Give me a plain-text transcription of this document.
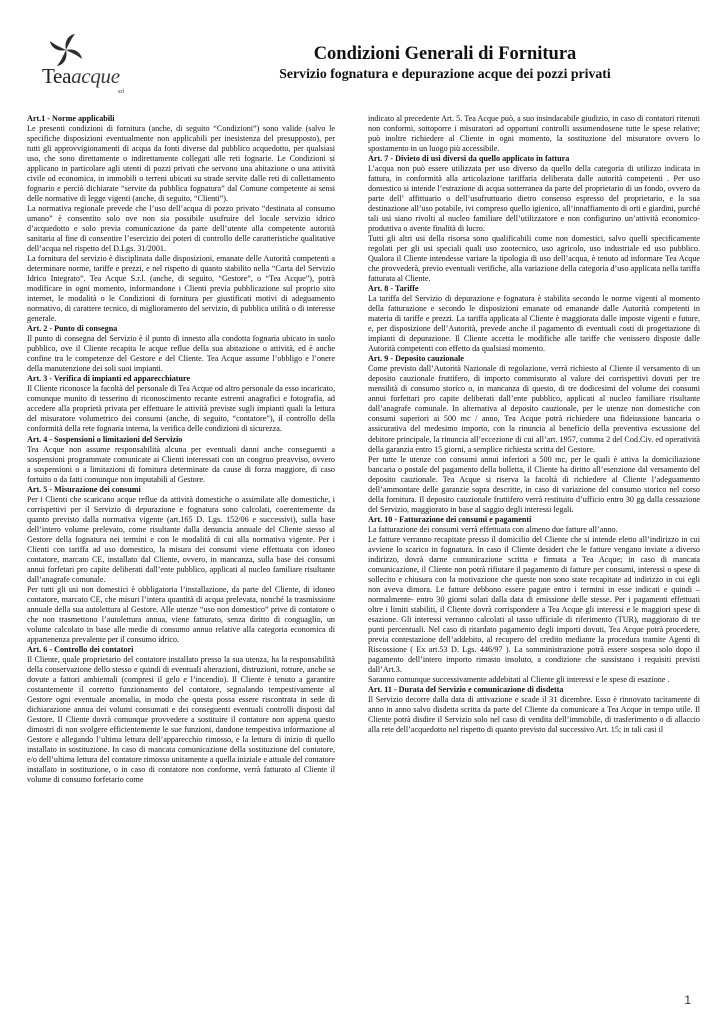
Teaacque
srl
Condizioni Generali di Fornitura
Servizio fognatura e depurazione acque dei pozzi privati

Art.1 - Norme applicabili

Le presenti condizioni di fornitura (anche, di seguito “Condizioni”) sono valide (salvo le specifiche disposizioni eventualmente non applicabili per inesistenza del presupposto), per tutti gli approvvigionamenti di acqua da fonti diverse dal pubblico acquedotto, per qualsiasi uso, che sono direttamente o indirettamente collegati alle reti fognarie. Le Condizioni si applicano in particolare agli utenti di pozzi privati che servono una abitazione o una attività civile od economica, in immobili o terreni ubicati su strade servite dalle reti di collettamento fognario e perciò dichiarate “servite da pubblica fognatura” dal Comune competente ai sensi delle normative di legge vigenti (anche, di seguito, “Clienti”).

La normativa regionale prevede che l’uso dell’acqua di pozzo privato “destinata al consumo umano” è consentito solo ove non sia possibile usufruire del locale servizio idrico d’acquedotto e solo previa comunicazione da parte dell’utente alla competente autorità sanitaria al fine di consentire l’esercizio dei poteri di controllo delle caratteristiche qualitative dell’acqua nel rispetto del D.Lgs. 31/2001.

La fornitura del servizio è disciplinata dalle disposizioni, emanate delle Autorità competenti a determinare norme, tariffe e prezzi, e nel rispetto di quanto stabilito nella “Carta del Servizio Idrico Integrato”. Tea Acque S.r.l. (anche, di seguito, “Gestore”, o “Tea Acque”), potrà modificare in ogni momento, informandone i Clienti previa pubblicazione sul proprio sito internet, le modalità o le Condizioni di fornitura per giustificati motivi di adeguamento normativo, di carattere tecnico, di miglioramento del servizio, di pubblica utilità o di interesse generale.

Art. 2 - Punto di consegna

Il punto di consegna del Servizio è il punto di innesto alla condotta fognaria ubicato in suolo pubblico, ove il Cliente recapita le acque reflue della sua abitazione o attività, ed è anche confine tra le competenze del Gestore e del Cliente. Tea Acque assume l’obbligo e l’onere della manutenzione dei soli suoi impianti.

Art. 3 - Verifica di impianti ed apparecchiature

Il Cliente riconosce la facoltà del personale di Tea Acque od altro personale da esso incaricato, comunque munito di tesserino di riconoscimento recante estremi anagrafici e fotografia, ad accedere alla proprietà privata per effettuare le attività previste sugli impianti quali la lettura del misuratore volumetrico dei consumi (anche, di seguito, “contatore”), il controllo della conformità della rete fognaria interna, la verifica delle condizioni di sicurezza.

Art. 4 - Sospensioni o limitazioni del Servizio

Tea Acque non assume responsabilità alcuna per eventuali danni anche conseguenti a sospensioni programmate comunicate ai Clienti interessati con un congruo preavviso, ovvero a sospensioni o a limitazioni di fornitura determinate da cause di forza maggiore, di caso fortuito o da fatti comunque non imputabili al Gestore.

Art. 5 - Misurazione dei consumi

Per i Clienti che scaricano acque reflue da attività domestiche o assimilate alle domestiche, i corrispettivi per il Servizio di depurazione e fognatura sono calcolati, coerentemente da quanto previsto dalla normativa vigente (art.165 D. Lgs. 152/06 e successivi), sulla base dell’intero volume prelevato, come risultante dalla denuncia annuale del Cliente stesso al Gestore della fognatura nei termini e con le modalità di cui alla normativa vigente. Per i Clienti con tariffa ad uso domestico, la misura dei consumi viene effettuata con idoneo contatore, marcato CE, installato dal Cliente, ovvero, in mancanza, sulla base dei consumi annui forfetari pro capite deliberati dall’ente pubblico, applicati al nucleo familiare risultante dall’anagrafe comunale.

Per tutti gli usi non domestici è obbligatoria l’installazione, da parte del Cliente, di idoneo contatore, marcato CE, che misuri l’intera quantità di acqua prelevata, nonché la trasmissione annuale della sua autolettura al Gestore. Alle utenze “uso non domestico” prive di contatore o che non trasmettono l’autolettura annua, viene fatturato, senza diritto di conguaglio, un volume calcolato in base alle medie di consumo annuo relative alla categoria economica di appartenenza prevalente per il consumo idrico.

Art. 6 - Controllo dei contatori

Il Cliente, quale proprietario del contatore installato presso la sua utenza, ha la responsabilità della conservazione dello stesso e quindi di eventuali alterazioni, distruzioni, rotture, anche se dovute a fattori ambientali (compresi il gelo e l’incendio). Il Cliente è tenuto a garantire costantemente il corretto funzionamento del contatore, segnalando tempestivamente al Gestore ogni eventuale anomalia, in modo che questa possa essere riscontrata in sede di dichiarazione annua dei volumi consumati e dei conseguenti eventuali controlli disposti dal Gestore. Il Cliente dovrà comunque provvedere a sostituire il contatore non appena questo dimostri di non svolgere efficientemente le sue funzioni, dandone tempestiva informazione al Gestore e allegando l’ultima lettura dell’apparecchio rimosso, e la lettura di inizio di quello installato in sostituzione. In caso di mancata comunicazione della sostituzione del contatore, e/o dell’ultima lettura del contatore rimosso unitamente a quella iniziale e attuale del contatore installato in sostituzione, o in caso di contatore non conforme, verrà fatturato al Cliente il volume di consumo forfetario come

indicato al precedente Art. 5. Tea Acque può, a suo insindacabile giudizio, in caso di contatori ritenuti non conformi, sottoporre i misuratori ad opportuni controlli assumendosene tutte le spese relative; può inoltre richiedere al Cliente in ogni momento, la sostituzione del misuratore ovvero lo spostamento in un luogo più accessibile.

Art. 7 - Divieto di usi diversi da quello applicato in fattura

L’acqua non può essere utilizzata per uso diverso da quello della categoria di utilizzo indicata in fattura, in conformità alla articolazione tariffaria deliberata dalle autorità competenti . Per uso domestico si intende l’estrazione di acqua sotterranea da parte del proprietario di un fondo, ovvero da parte dell’ affittuario o dell’usufruttuario dietro consenso espresso del proprietario, e la sua destinazione all’uso potabile, ivi compreso quello igienico, all’innaffiamento di orti e giardini, purché tali usi siano rivolti al nucleo familiare dell’utilizzatore e non configurino un’attività economico-produttiva o avente finalità di lucro.

Tutti gli altri usi della risorsa sono qualificabili come non domestici, salvo quelli specificamente regolati per gli usi speciali quali uso zootecnico, uso agricolo, uso industriale ed uso pubblico. Qualora il Cliente intendesse variare la tipologia di uso dell’acqua, è tenuto ad informare Tea Acque che provvederà, previo eventuali verifiche, alla variazione della categoria d’uso applicata nella tariffa fatturata al Cliente.

Art. 8 - Tariffe

La tariffa del Servizio di depurazione e fognatura è stabilita secondo le norme vigenti al momento della fatturazione e secondo le disposizioni emanate od emanande dalle Autorità competenti in materia di tariffe e prezzi. La tariffa applicata al Cliente è maggiorata dalle imposte vigenti e future, e, per disposizione dell’Autorità, prevede anche il pagamento di eventuali costi di progettazione di impianti di depurazione. Il Cliente accetta le modifiche alle tariffe che venissero disposte dalle Autorità competenti con effetto da qualsiasi momento.

Art. 9 - Deposito cauzionale

Come previsto dall’Autorità Nazionale di regolazione, verrà richiesto al Cliente il versamento di un deposito cauzionale fruttifero, di importo commisurato al valore dei corrispettivi dovuti per tre mensilità di consumo storico o, in mancanza di questo, di tre dodicesimi del volume dei consumi annui forfettari pro capite deliberati dall’ente pubblico, applicati al nucleo familiare risultante dall’anagrafe comunale. In alternativa al deposito cauzionale, per le utenze non domestiche con consumi superiori ai 500 mc / anno, Tea Acque potrà richiedere una fideiussione bancaria o assicurativa del medesimo importo, con la rinuncia al beneficio della preventiva escussione del debitore principale, la rinuncia all’eccezione di cui all’art. 1957, comma 2 del Cod.Civ. ed operatività della garanzia entro 15 giorni, a semplice richiesta scritta del Gestore.

Per tutte le utenze con consumi annui inferiori a 500 mc, per le quali è attiva la domiciliazione bancaria o postale del pagamento della bolletta, il Cliente ha diritto all’esenzione dal versamento del deposito cauzionale. Tea Acque si riserva la facoltà di richiedere al Cliente l’adeguamento dell’ammontare delle garanzie sopra descritte, in caso di variazione del consumo storico nel corso della fornitura. Il deposito cauzionale fruttifero verrà restituito d’ufficio entro 30 gg dalla cessazione del Servizio, maggiorato in base al saggio degli interessi legali.

Art. 10 - Fatturazione dei consumi e pagamenti

La fatturazione dei consumi verrà effettuata con almeno due fatture all’anno.

Le fatture verranno recapitate presso il domicilio del Cliente che si intende eletto all’indirizzo in cui avviene lo scarico in fognatura. In caso il Cliente desideri che le fatture vengano inviate a diverso indirizzo, dovrà darne comunicazione scritta e firmata a Tea Acque; in caso di mancata comunicazione, il Cliente non potrà rifiutare il pagamento di fatture per consumi, interessi o spese di sollecito e chiusura con la motivazione che queste non sono state recapitate ad indirizzo in cui egli non aveva dimora. Le fatture debbono essere pagate entro i termini in esse indicati e quindi –normalmente- entro 30 giorni solari dalla data di emissione delle stesse. Per i pagamenti effettuati oltre i limiti stabiliti, il Cliente dovrà corrispondere a Tea Acque gli interessi e le maggiori spese di esazione. Gli interessi verranno calcolati al tasso ufficiale di riferimento (TUR), maggiorato di tre punti percentuali. Nel caso di ritardato pagamento degli importi dovuti, Tea Acque potrà procedere, previa contestazione dell’addebito, al recupero del credito mediante la procedura tramite Agenti di Riscossione ( Ex art.53 D. Lgs. 446/97 ). La somministrazione potrà essere sospesa solo dopo il pagamento dell’intero importo rimasto insoluto, a condizione che sussistano i requisiti previsti dall’Art.3.

Saranno comunque successivamente addebitati al Cliente gli interessi e le spese di esazione .

Art. 11 - Durata del Servizio e comunicazione di disdetta

Il Servizio decorre dalla data di attivazione e scade il 31 dicembre. Esso è rinnovato tacitamente di anno in anno salvo disdetta scritta da parte del Cliente da comunicare a Tea Acque in tempo utile. Il Cliente potrà disdire il Servizio solo nel caso di vendita dell’immobile, di trasferimento o di allaccio alla rete dell’acquedotto nel rispetto di quanto previsto dal successivo Art. 15; in tali casi il

1
